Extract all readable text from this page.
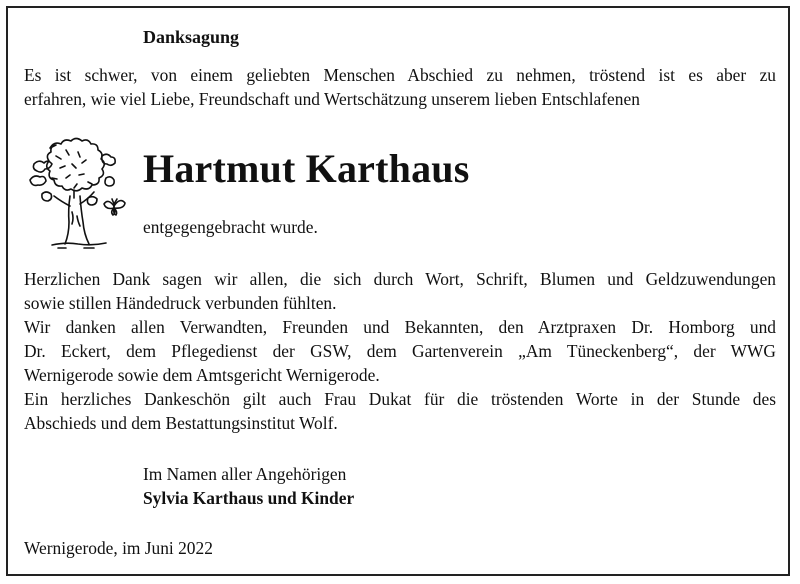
Danksagung
Es ist schwer, von einem geliebten Menschen Abschied zu nehmen, tröstend ist es aber zu
erfahren, wie viel Liebe, Freundschaft und Wertschätzung unserem lieben Entschlafenen
Hartmut Karthaus
entgegengebracht wurde.
Herzlichen Dank sagen wir allen, die sich durch Wort, Schrift, Blumen und Geldzuwendungen
sowie stillen Händedruck verbunden fühlten.
Wir danken allen Verwandten, Freunden und Bekannten, den Arztpraxen Dr. Homborg und
Dr. Eckert, dem Pflegedienst der GSW, dem Gartenverein „Am Tüneckenberg“, der WWG
Wernigerode sowie dem Amtsgericht Wernigerode.
Ein herzliches Dankeschön gilt auch Frau Dukat für die tröstenden Worte in der Stunde des
Abschieds und dem Bestattungsinstitut Wolf.
Im Namen aller Angehörigen
Sylvia Karthaus und Kinder
Wernigerode, im Juni 2022
